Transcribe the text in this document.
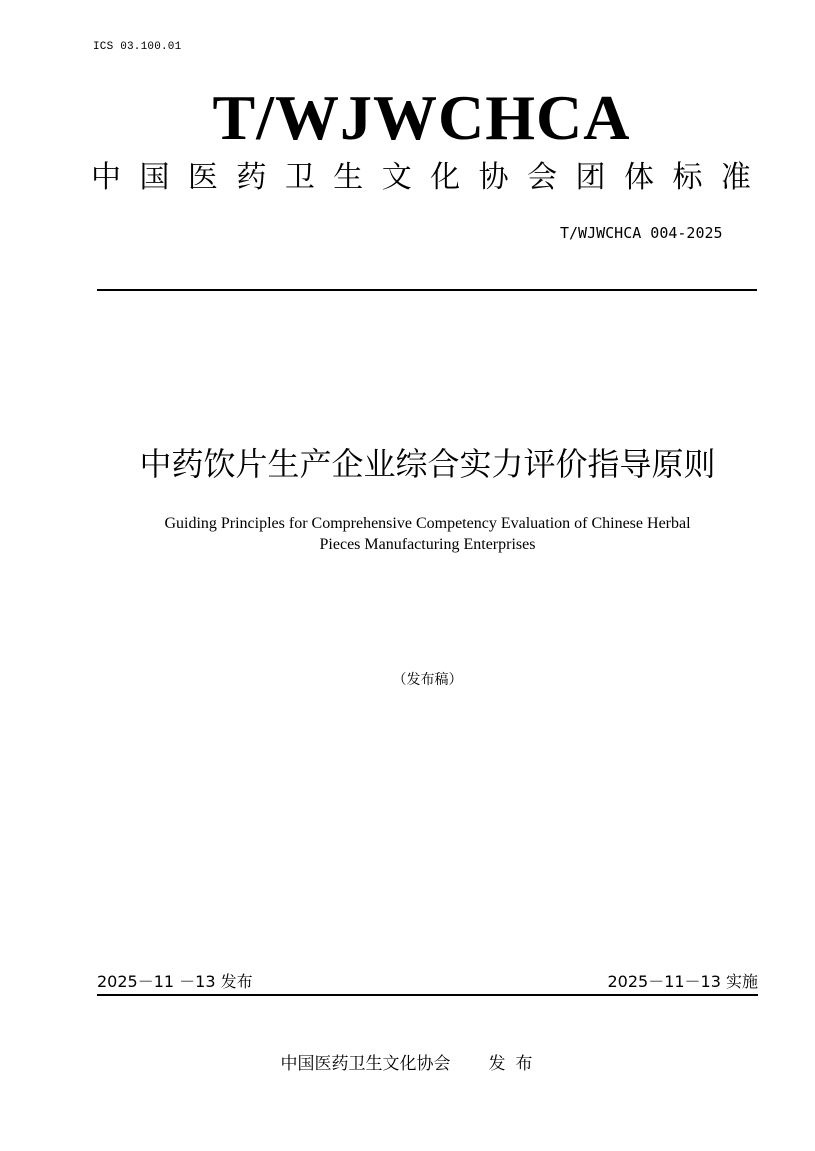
ICS 03.100.01
T/WJWCHCA
中 国 医 药 卫 生 文 化 协 会 团 体 标 准
T/WJWCHCA 004-2025
中药饮片生产企业综合实力评价指导原则
Guiding Principles for Comprehensive Competency Evaluation of Chinese Herbal
Pieces Manufacturing Enterprises
（发布稿）
2025－11 －13 发布	2025－11－13 实施
中国医药卫生文化协会 发布
